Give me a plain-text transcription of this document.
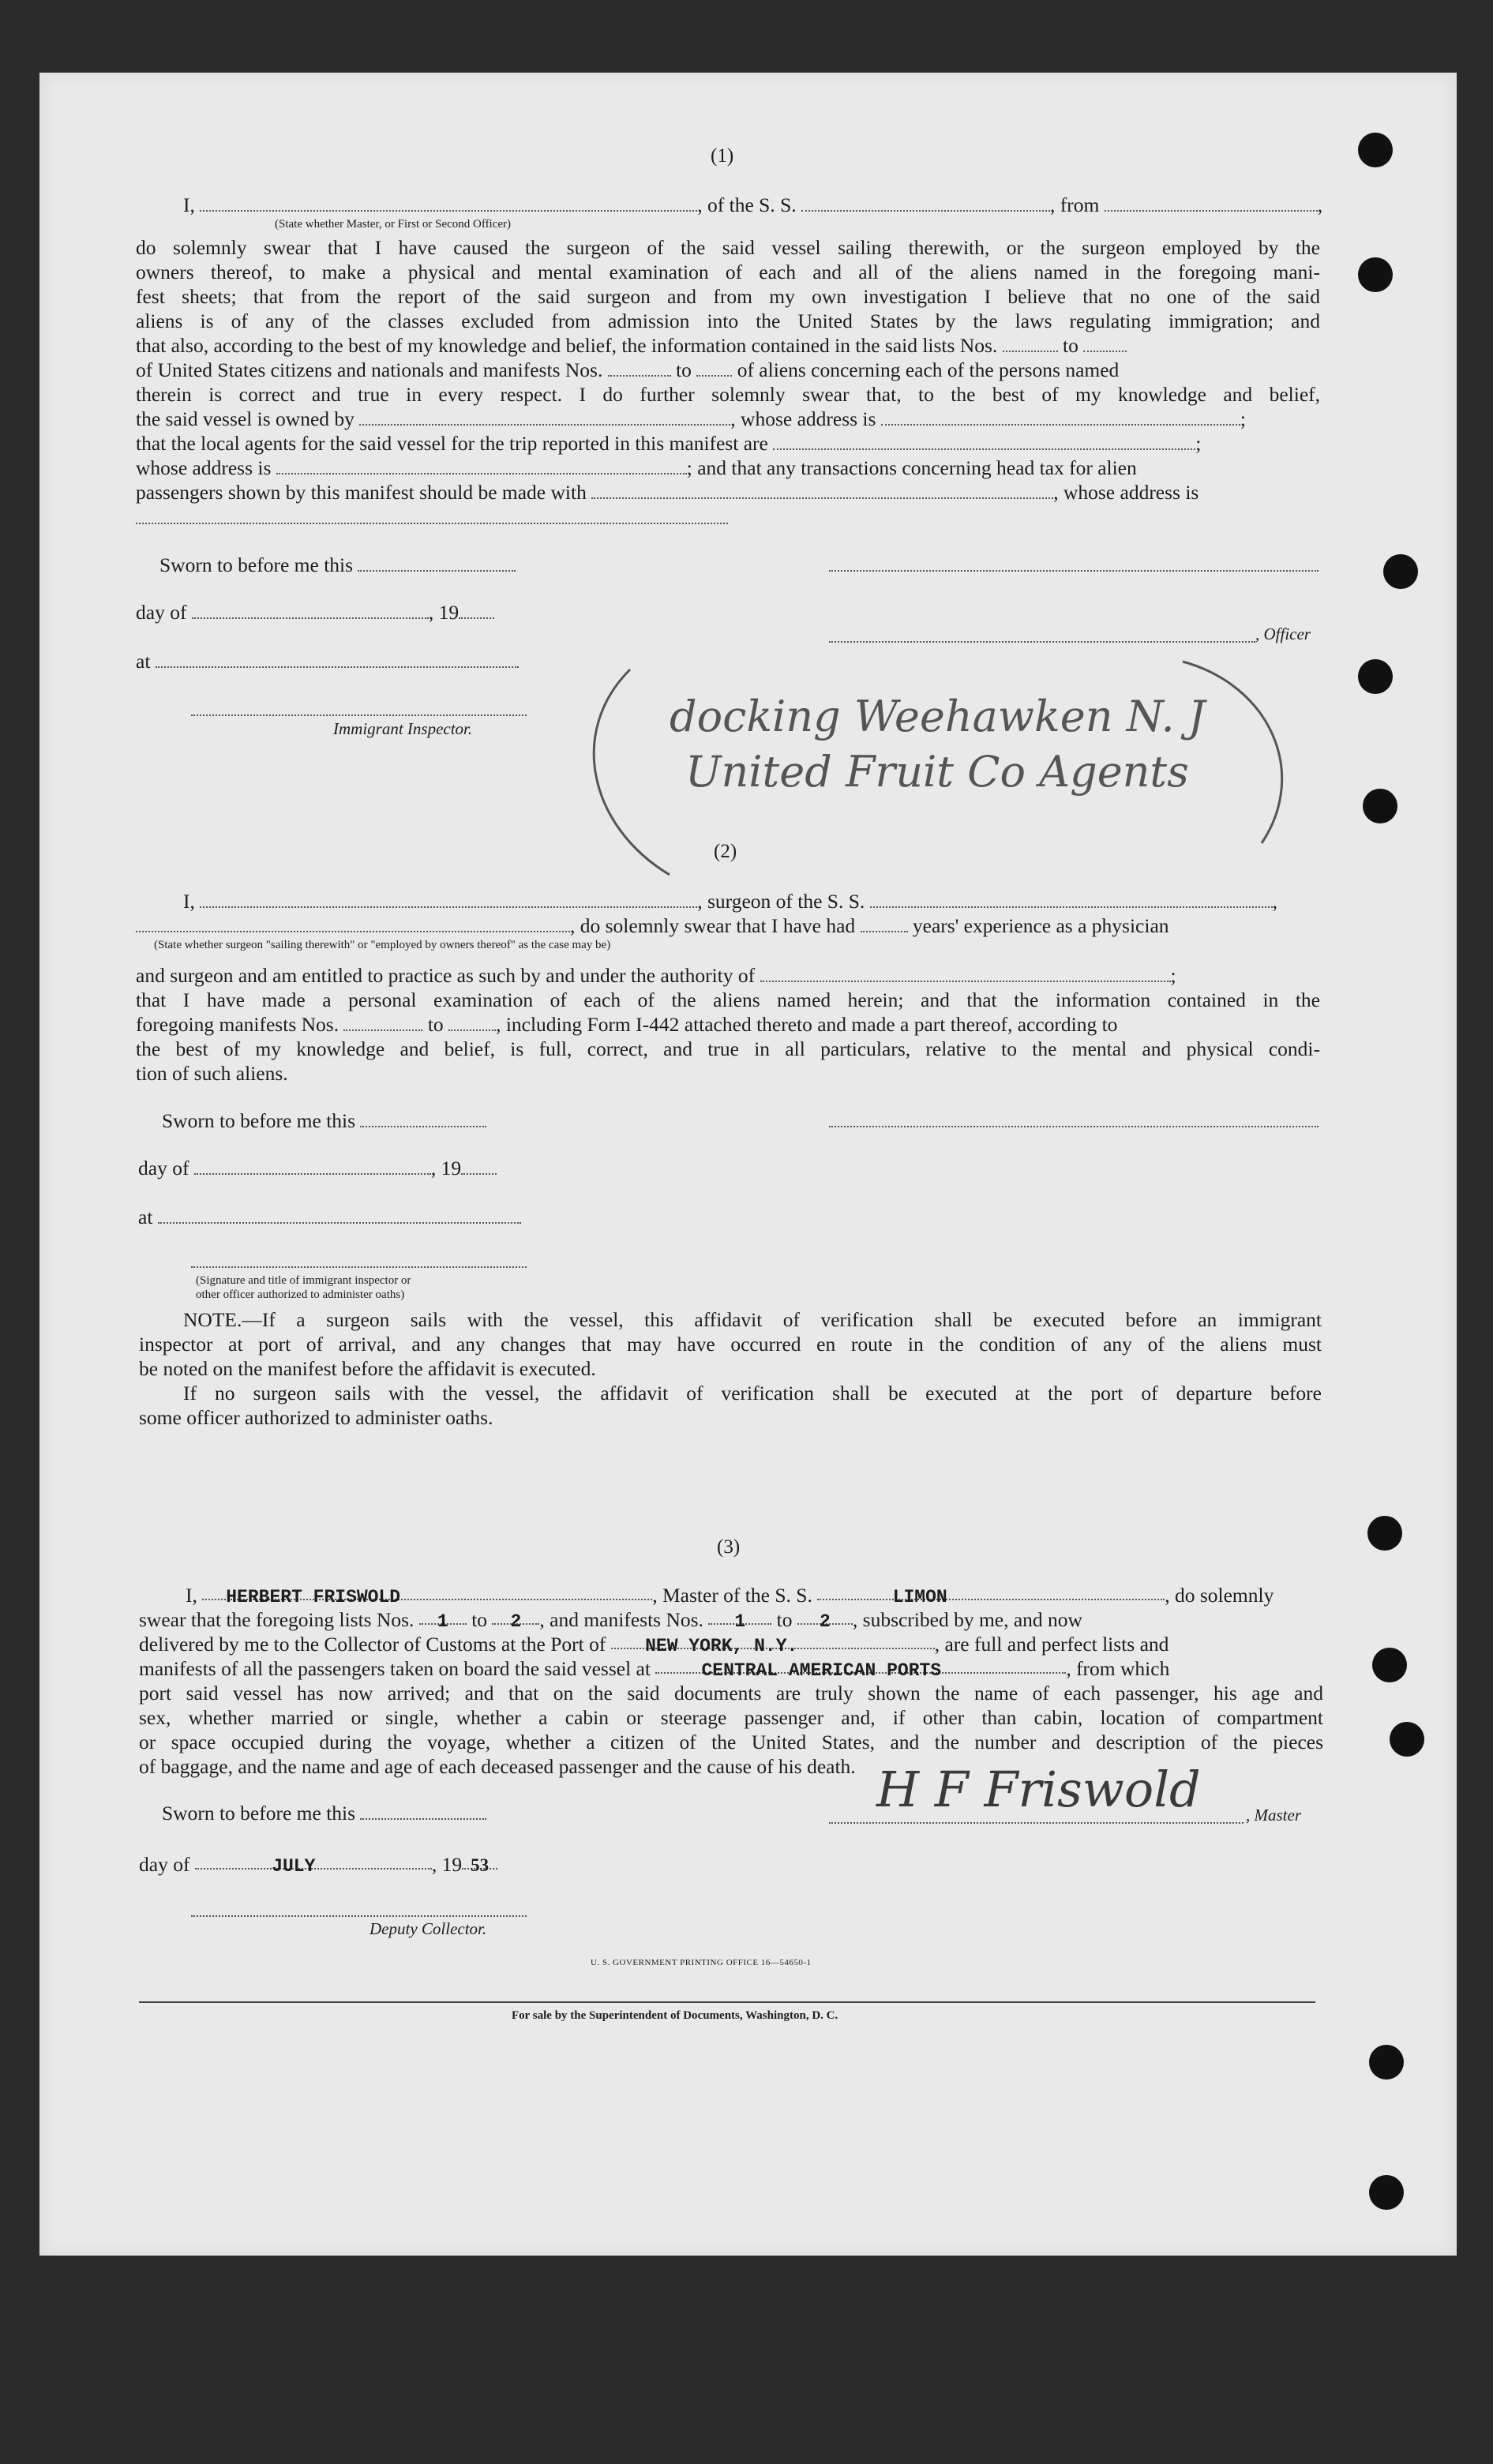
(1)
I,	, of the S. S.	, from	,
(State whether Master, or First or Second Officer)
do solemnly swear that I have caused the surgeon of the said vessel sailing therewith, or the surgeon employed by the
owners thereof, to make a physical and mental examination of each and all of the aliens named in the foregoing mani-
fest sheets; that from the report of the said surgeon and from my own investigation I believe that no one of the said
aliens is of any of the classes excluded from admission into the United States by the laws regulating immigration; and
that also, according to the best of my knowledge and belief, the information contained in the said lists Nos.	to
of United States citizens and nationals and manifests Nos.	to of aliens concerning each of the persons named
therein is correct and true in every respect. I do further solemnly swear that, to the best of my knowledge and belief,
the said vessel is owned by	, whose address is	;
that the local agents for the said vessel for the trip reported in this manifest are	;
whose address is	; and that any transactions concerning head tax for alien
passengers shown by this manifest should be made with	, whose address is
Sworn to before me this
day of	, 19
, Officer
at
Immigrant Inspector.	docking Weehawken N. J
United Fruit Co Agents
(2)
I,	, surgeon of the S. S.	,
, do solemnly swear that I have had	years' experience as a physician
(State whether surgeon "sailing therewith" or "employed by owners thereof" as the case may be)
and surgeon and am entitled to practice as such by and under the authority of	;
that I have made a personal examination of each of the aliens named herein; and that the information contained in the
foregoing manifests Nos.	to	, including Form I-442 attached thereto and made a part thereof, according to
the best of my knowledge and belief, is full, correct, and true in all particulars, relative to the mental and physical condi-
tion of such aliens.
Sworn to before me this
day of	, 19
at
(Signature and title of immigrant inspector or
other officer authorized to administer oaths)
NOTE.—If a surgeon sails with the vessel, this affidavit of verification shall be executed before an immigrant
inspector at port of arrival, and any changes that may have occurred en route in the condition of any of the aliens must
be noted on the manifest before the affidavit is executed.
If no surgeon sails with the vessel, the affidavit of verification shall be executed at the port of departure before
some officer authorized to administer oaths.
(3)
I, HERBERT FRISWOLD	, Master of the S. S.	LIMON	, do solemnly
swear that the foregoing lists Nos. 1 to 2 , and manifests Nos. 1 to 2 , subscribed by me, and now
delivered by me to the Collector of Customs at the Port of NEW YORK, N.Y.	, are full and perfect lists and
manifests of all the passengers taken on board the said vessel at	CENTRAL AMERICAN PORTS	, from which
port said vessel has now arrived; and that on the said documents are truly shown the name of each passenger, his age and
sex, whether married or single, whether a cabin or steerage passenger and, if other than cabin, location of compartment
or space occupied during the voyage, whether a citizen of the United States, and the number and description of the pieces
of baggage, and the name and age of each deceased passenger and the cause of his death.
Sworn to before me this	H F Friswold	, Master
day of	JULY	, 19 53
Deputy Collector.
U. S. GOVERNMENT PRINTING OFFICE 16—54650-1
For sale by the Superintendent of Documents, Washington, D. C.
